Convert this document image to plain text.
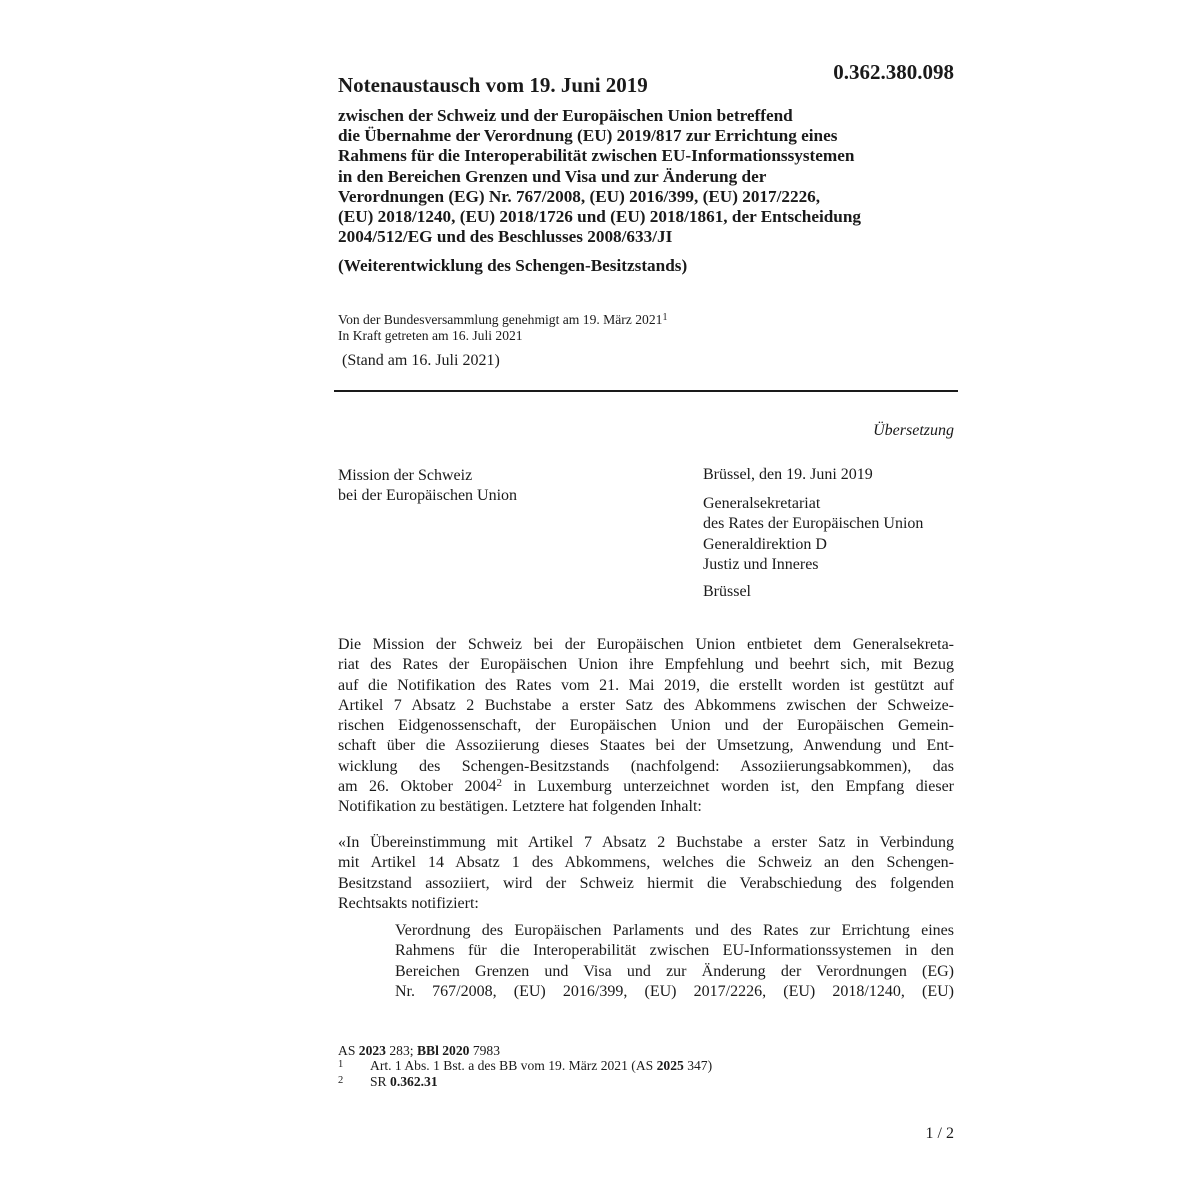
0.362.380.098
Notenaustausch vom 19. Juni 2019
zwischen der Schweiz und der Europäischen Union betreffend
die Übernahme der Verordnung (EU) 2019/817 zur Errichtung eines
Rahmens für die Interoperabilität zwischen EU-Informationssystemen
in den Bereichen Grenzen und Visa und zur Änderung der
Verordnungen (EG) Nr. 767/2008, (EU) 2016/399, (EU) 2017/2226,
(EU) 2018/1240, (EU) 2018/1726 und (EU) 2018/1861, der Entscheidung
2004/512/EG und des Beschlusses 2008/633/JI
(Weiterentwicklung des Schengen-Besitzstands)
Von der Bundesversammlung genehmigt am 19. März 2021$^1$
In Kraft getreten am 16. Juli 2021
(Stand am 16. Juli 2021)
Übersetzung
Mission der Schweiz
bei der Europäischen Union
Brüssel, den 19. Juni 2019
Generalsekretariat
des Rates der Europäischen Union
Generaldirektion D
Justiz und Inneres
Brüssel
Die Mission der Schweiz bei der Europäischen Union entbietet dem Generalsekreta-
riat des Rates der Europäischen Union ihre Empfehlung und beehrt sich, mit Bezug
auf die Notifikation des Rates vom 21. Mai 2019, die erstellt worden ist gestützt auf
Artikel 7 Absatz 2 Buchstabe a erster Satz des Abkommens zwischen der Schweize-
rischen Eidgenossenschaft, der Europäischen Union und der Europäischen Gemein-
schaft über die Assoziierung dieses Staates bei der Umsetzung, Anwendung und Ent-
wicklung des Schengen-Besitzstands (nachfolgend: Assoziierungsabkommen), das
am 26. Oktober 2004$^2$ in Luxemburg unterzeichnet worden ist, den Empfang dieser
Notifikation zu bestätigen. Letztere hat folgenden Inhalt:
«In Übereinstimmung mit Artikel 7 Absatz 2 Buchstabe a erster Satz in Verbindung
mit Artikel 14 Absatz 1 des Abkommens, welches die Schweiz an den Schengen-
Besitzstand assoziiert, wird der Schweiz hiermit die Verabschiedung des folgenden
Rechtsakts notifiziert:
Verordnung des Europäischen Parlaments und des Rates zur Errichtung eines
Rahmens für die Interoperabilität zwischen EU-Informationssystemen in den
Bereichen Grenzen und Visa und zur Änderung der Verordnungen (EG)
Nr. 767/2008, (EU) 2016/399, (EU) 2017/2226, (EU) 2018/1240, (EU)
AS 2023 283; BBl 2020 7983
1 Art. 1 Abs. 1 Bst. a des BB vom 19. März 2021 (AS 2025 347)
2 SR 0.362.31
1 / 2
